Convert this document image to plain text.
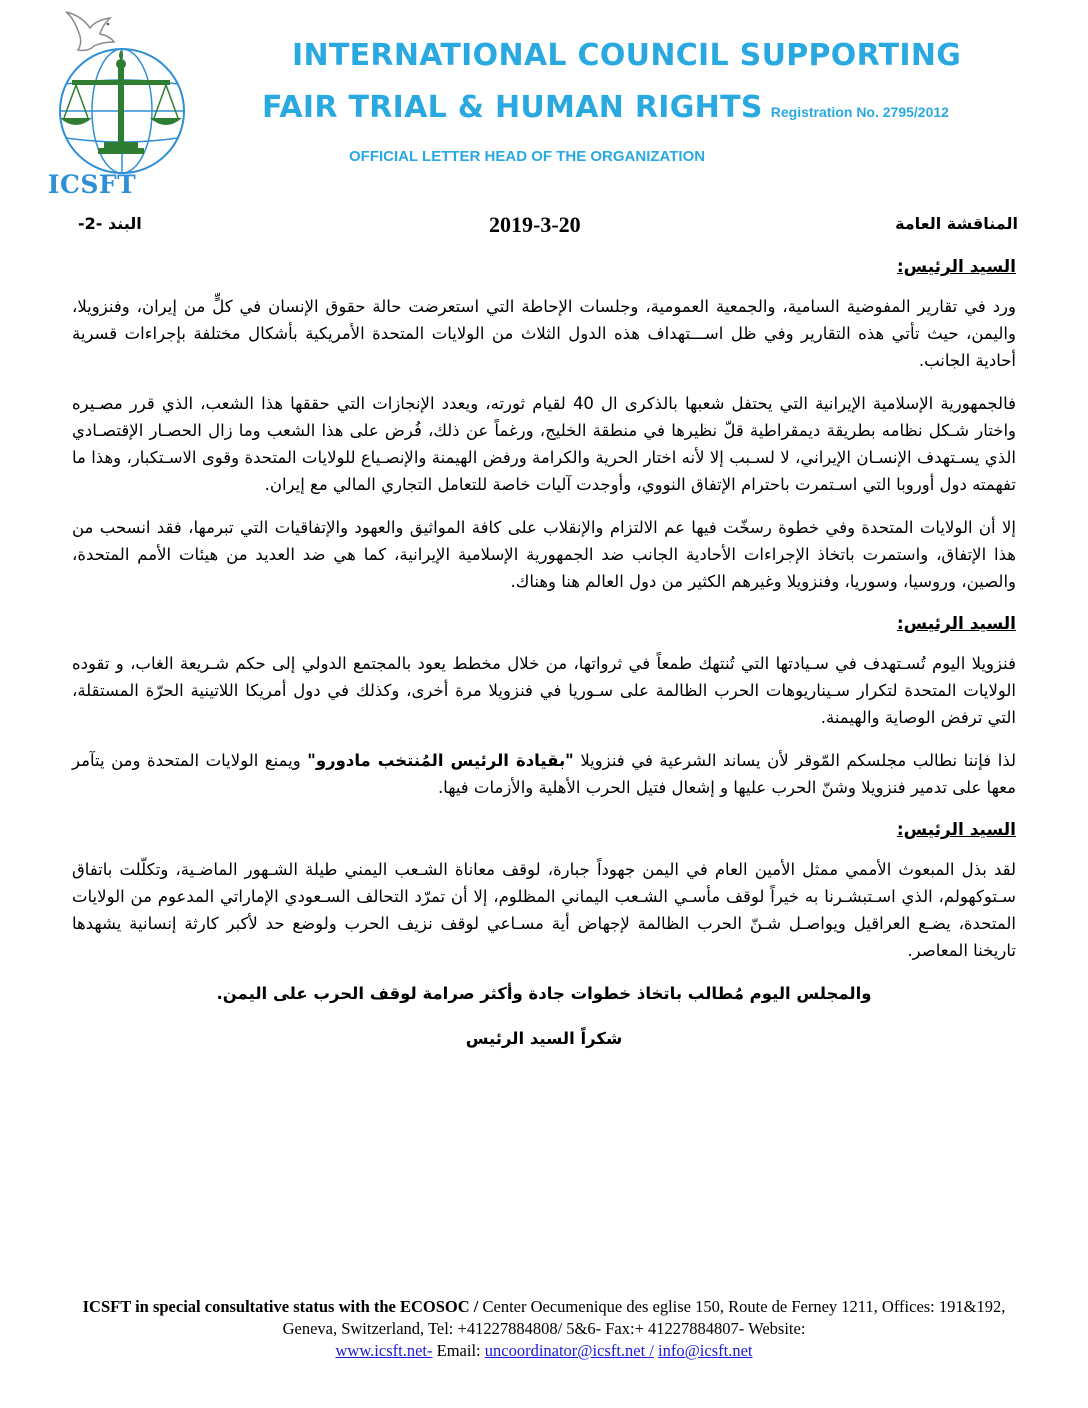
ICSFT
INTERNATIONAL COUNCIL SUPPORTING
FAIR TRIAL & HUMAN RIGHTS Registration No. 2795/2012
OFFICIAL LETTER HEAD OF THE ORGANIZATION
البند -2-	2019-3-20	المناقشة العامة
السيد الرئيس:

ورد في تقارير المفوضية السامية، والجمعية العمومية، وجلسات الإحاطة التي استعرضت حالة حقوق الإنسان في كلٍّ من إيران، وفنزويلا، واليمن، حيث تأتي هذه التقارير وفي ظل اســـتهداف هذه الدول الثلاث من الولايات المتحدة الأمريكية بأشكال مختلفة بإجراءات قسرية أحادية الجانب.

فالجمهورية الإسلامية الإيرانية التي يحتفل شعبها بالذكرى ال 40 لقيام ثورته، ويعدد الإنجازات التي حققها هذا الشعب، الذي قرر مصـيره واختار شـكل نظامه بطريقة ديمقراطية قلّ نظيرها في منطقة الخليج، ورغماً عن ذلك، فُرض على هذا الشعب وما زال الحصـار الإقتصـادي الذي يسـتهدف الإنسـان الإيراني، لا لسـبب إلا لأنه اختار الحرية والكرامة ورفض الهيمنة والإنصـياع للولايات المتحدة وقوى الاسـتكبار، وهذا ما تفهمته دول أوروبا التي اسـتمرت باحترام الإتفاق النووي، وأوجدت آليات خاصة للتعامل التجاري المالي مع إيران.

إلا أن الولايات المتحدة وفي خطوة رسخّت فيها عم الالتزام والإنقلاب على كافة المواثيق والعهود والإتفاقيات التي تبرمها، فقد انسحب من هذا الإتفاق، واستمرت باتخاذ الإجراءات الأحادية الجانب ضد الجمهورية الإسلامية الإيرانية، كما هي ضد العديد من هيئات الأمم المتحدة، والصين، وروسيا، وسوريا، وفنزويلا وغيرهم الكثير من دول العالم هنا وهناك.

السيد الرئيس:

فنزويلا اليوم تُسـتهدف في سـيادتها التي تُنتهك طمعاً في ثرواتها، من خلال مخطط يعود بالمجتمع الدولي إلى حكم شـريعة الغاب، و تقوده الولايات المتحدة لتكرار سـيناريوهات الحرب الظالمة على سـوريا في فنزويلا مرة أخرى، وكذلك في دول أمريكا اللاتينية الحرّة المستقلة، التي ترفض الوصاية والهيمنة.

لذا فإننا نطالب مجلسكم المّوقر لأن يساند الشرعية في فنزويلا "بقيادة الرئيس المُنتخب مادورو" ويمنع الولايات المتحدة ومن يتآمر معها على تدمير فنزويلا وشنّ الحرب عليها و إشعال فتيل الحرب الأهلية والأزمات فيها.

السيد الرئيس:

لقد بذل المبعوث الأممي ممثل الأمين العام في اليمن جهوداً جبارة، لوقف معاناة الشـعب اليمني طيلة الشـهور الماضـية، وتكلّلت باتفاق سـتوكهولم، الذي اسـتبشـرنا به خيراً لوقف مأسـي الشـعب اليماني المظلوم، إلا أن تمرّد التحالف السـعودي الإماراتي المدعوم من الولايات المتحدة، يضـع العراقيل ويواصـل شـنّ الحرب الظالمة لإجهاض أية مسـاعي لوقف نزيف الحرب ولوضع حد لأكبر كارثة إنسانية يشهدها تاريخنا المعاصر.

والمجلس اليوم مُطالب باتخاذ خطوات جادة وأكثر صرامة لوقف الحرب على اليمن.

شكراً السيد الرئيس

ICSFT in special consultative status with the ECOSOC / Center Oecumenique des eglise 150, Route de Ferney 1211, Offices: 191&192, Geneva, Switzerland, Tel: +41227884808/ 5&6- Fax:+ 41227884807- Website:
www.icsft.net- Email: uncoordinator@icsft.net / info@icsft.net
